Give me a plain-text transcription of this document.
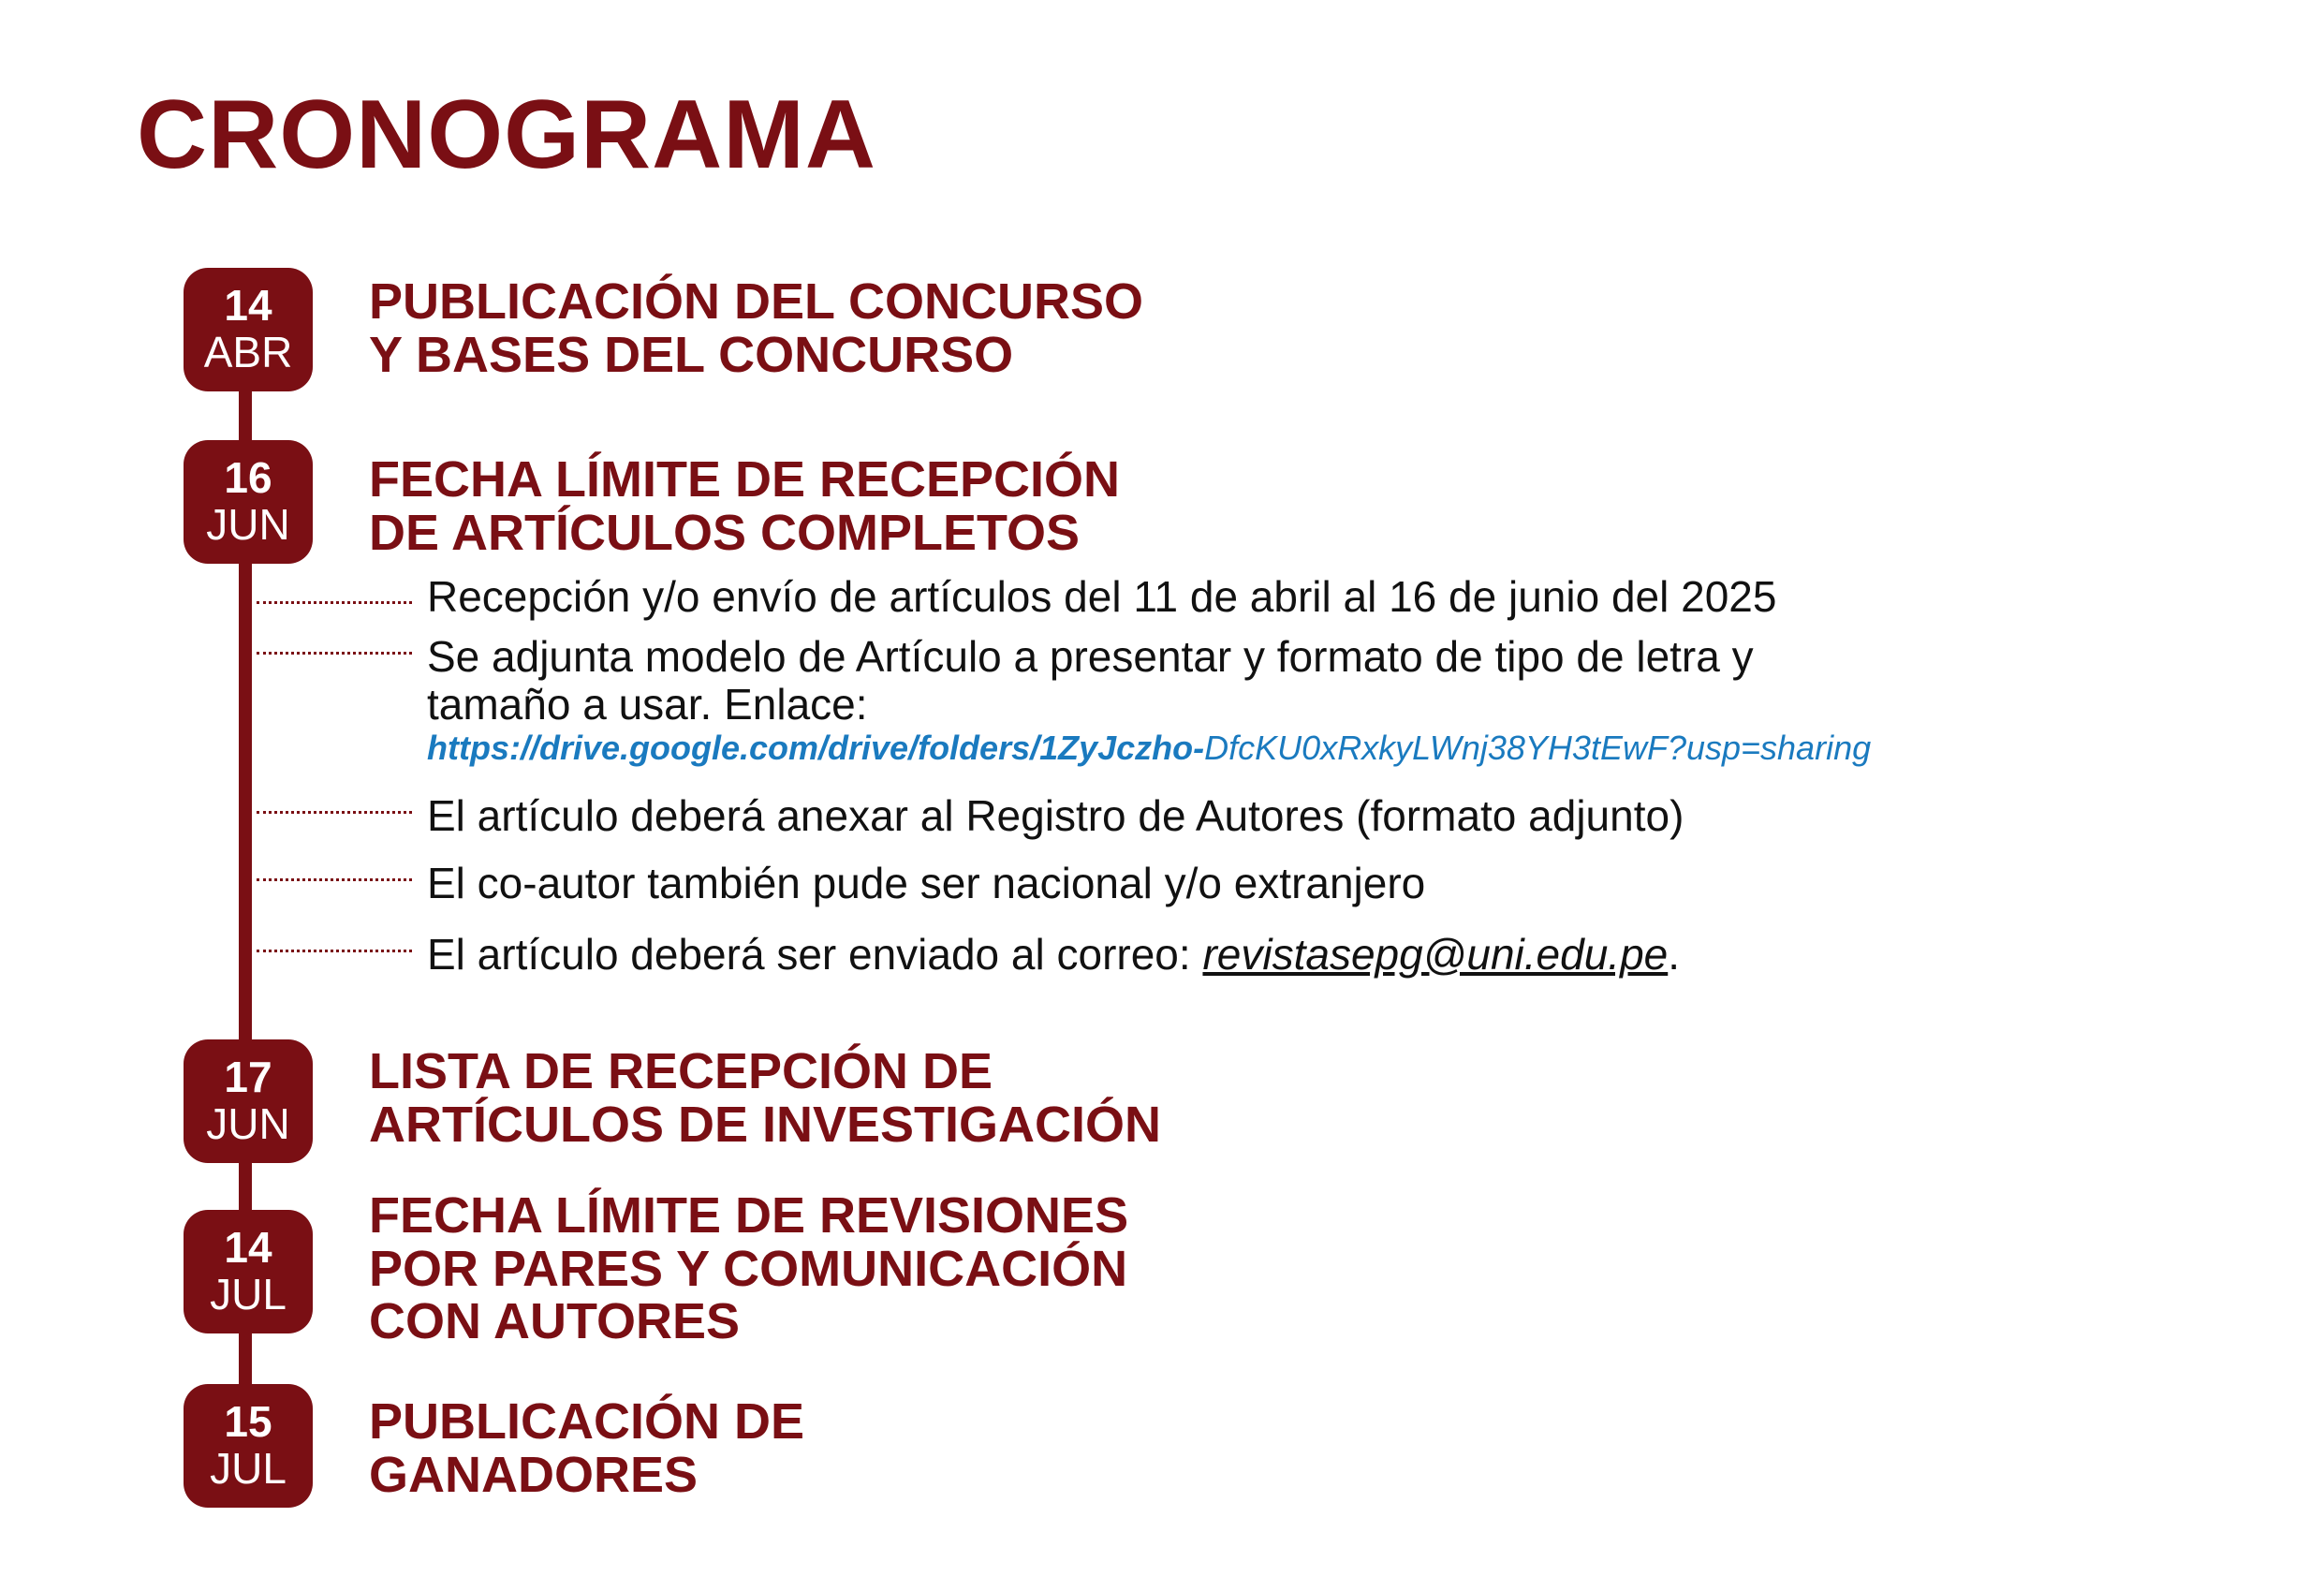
CRONOGRAMA
14
ABR
PUBLICACIÓN DEL CONCURSO
Y BASES DEL CONCURSO
16
JUN
FECHA LÍMITE DE RECEPCIÓN
DE ARTÍCULOS COMPLETOS
Recepción y/o envío de artículos del 11 de abril al 16 de junio del 2025
Se adjunta modelo de Artículo a presentar y formato de tipo de letra y
tamaño a usar. Enlace:
https://drive.google.com/drive/folders/1ZyJczho-DfcKU0xRxkyLWnj38YH3tEwF?usp=sharing
El artículo deberá anexar al Registro de Autores (formato adjunto)
El co-autor también pude ser nacional y/o extranjero
El artículo deberá ser enviado al correo: revistasepg@uni.edu.pe.
17
JUN
LISTA DE RECEPCIÓN DE
ARTÍCULOS DE INVESTIGACIÓN
14
JUL
FECHA LÍMITE DE REVISIONES
POR PARES Y COMUNICACIÓN
CON AUTORES
15
JUL
PUBLICACIÓN DE
GANADORES
